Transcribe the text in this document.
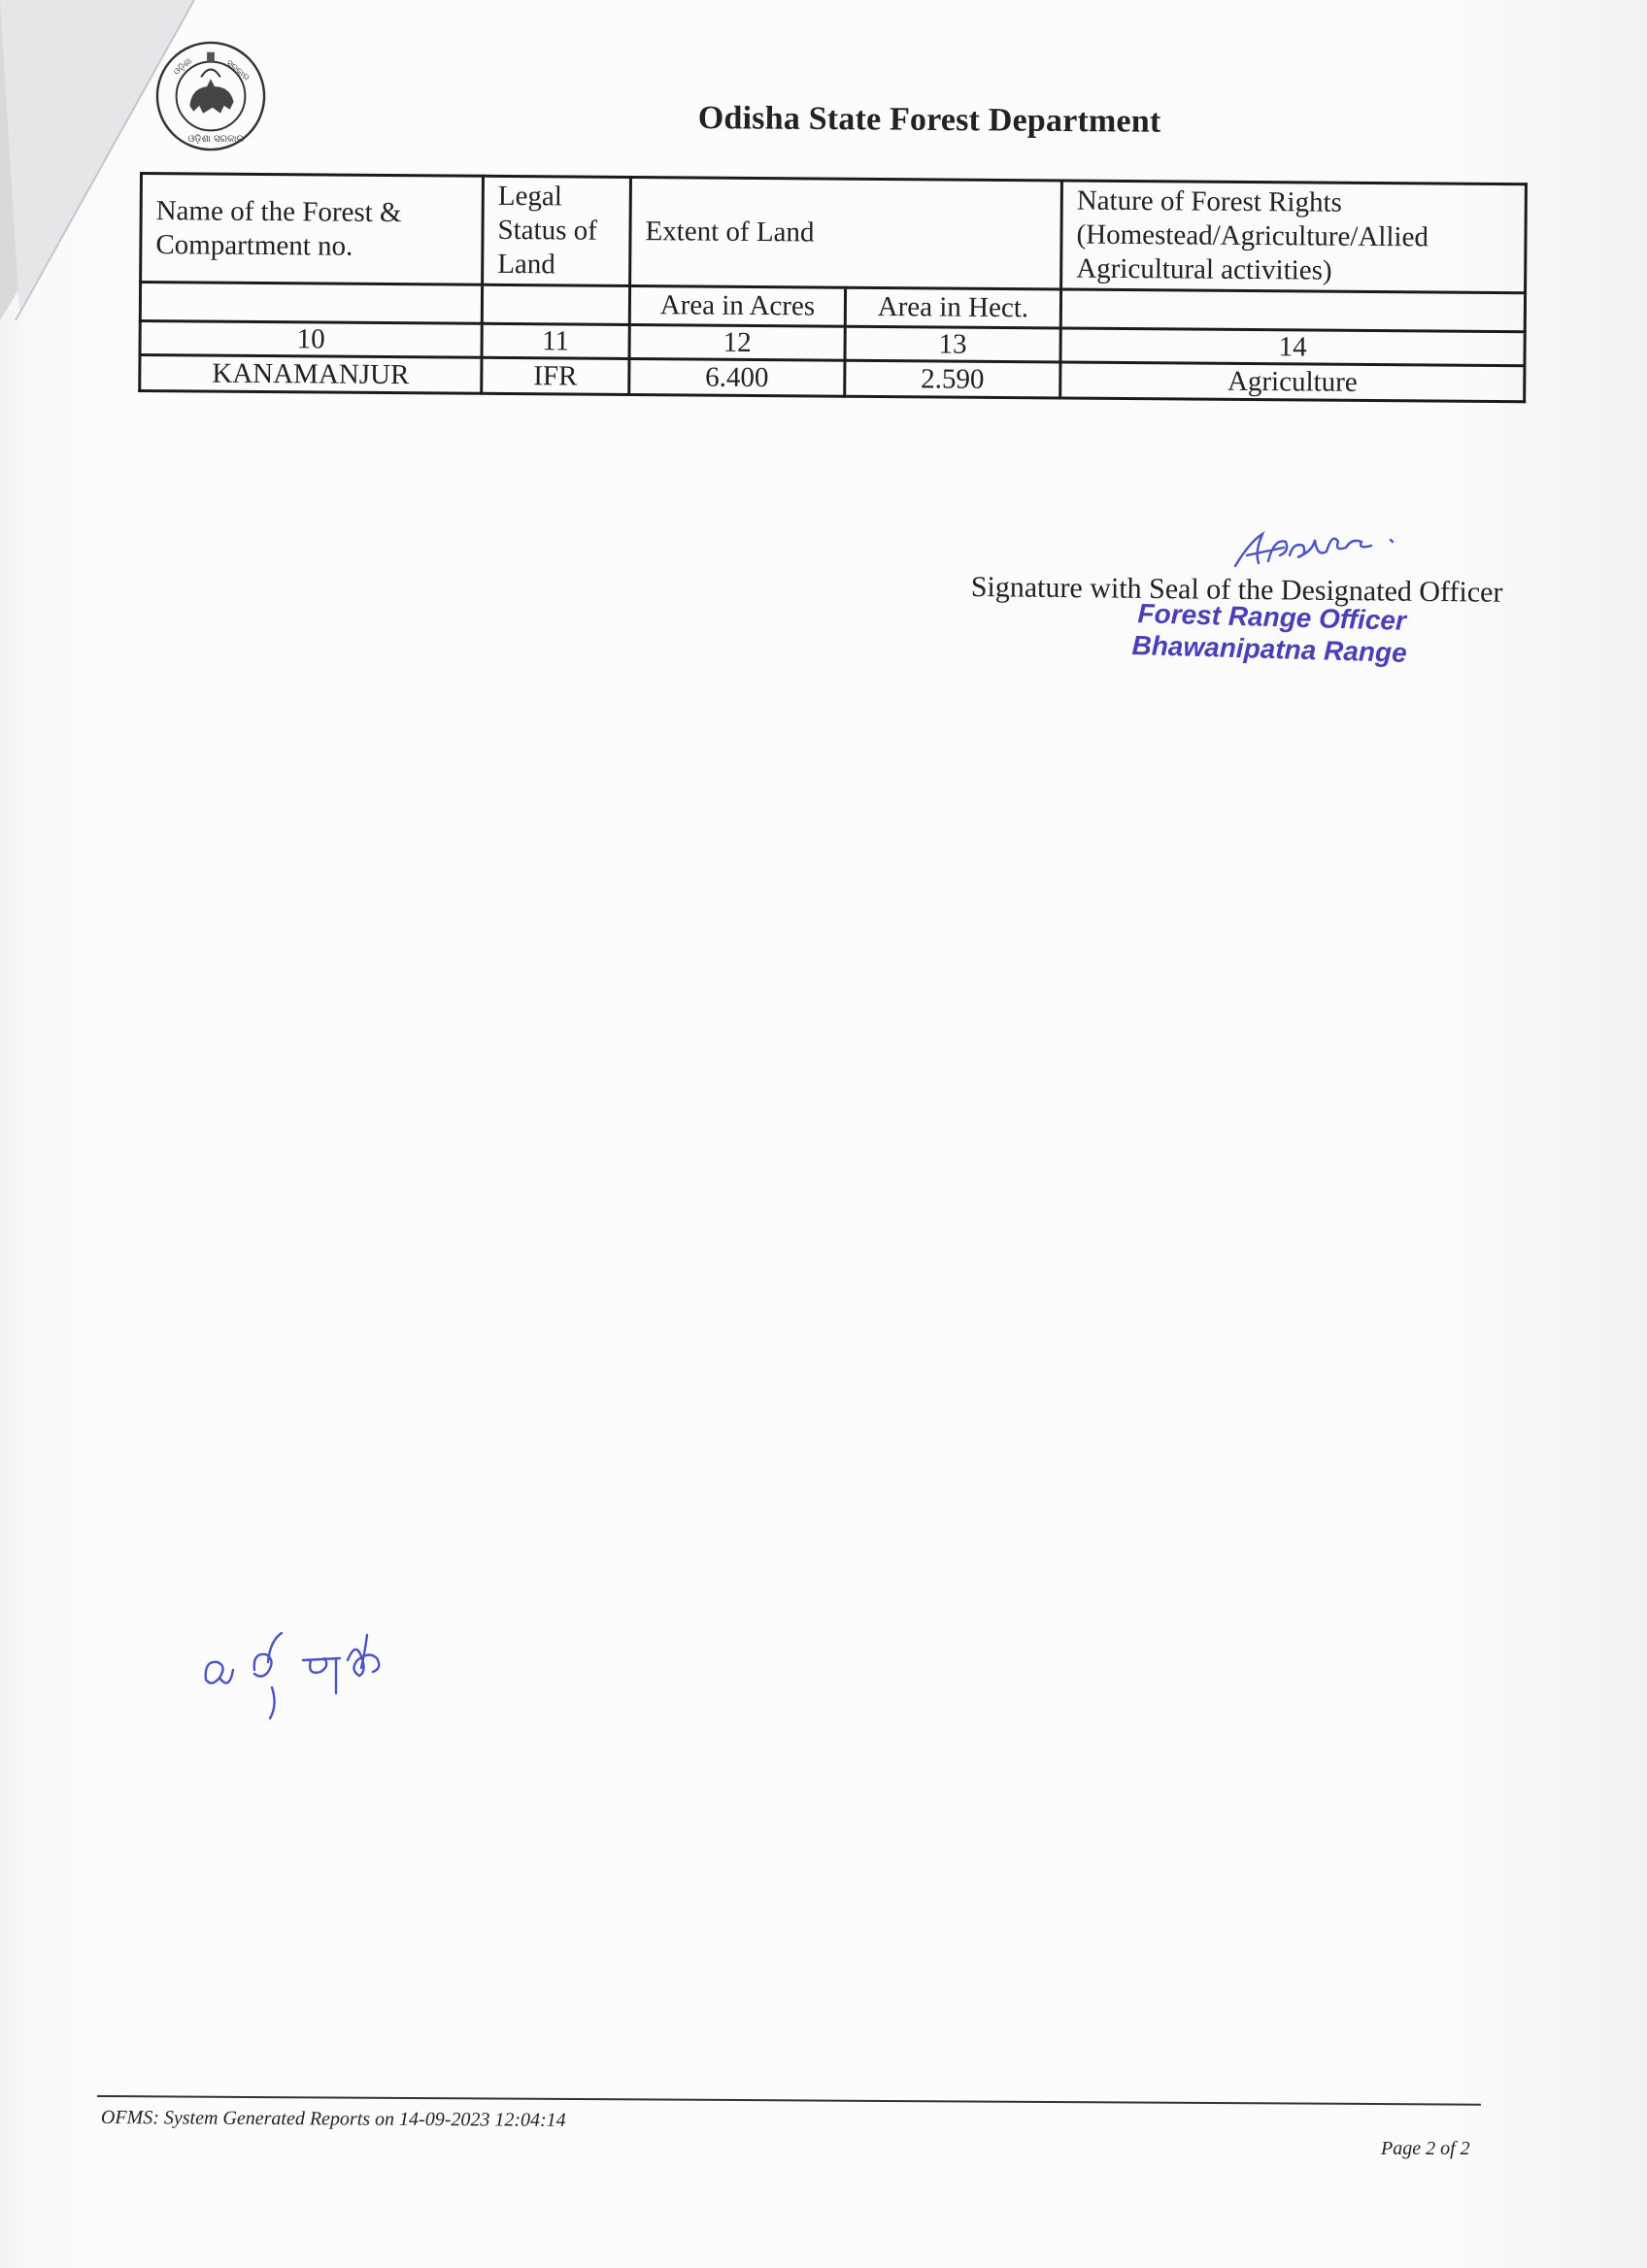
ଓଡ଼ିଶା	ସରକାର
ଓଡ଼ିଶା ସରକାର	Odisha State Forest Department
Name of the Forest & Compartment no.	Legal Status of Land	Extent of Land		Nature of Forest Rights (Homestead/Agriculture/Allied Agricultural activities)
		Area in Acres	Area in Hect.	
10	11	12	13	14
KANAMANJUR	IFR	6.400	2.590	Agriculture
Signature with Seal of the Designated Officer
Forest Range Officer
Bhawanipatna Range
OFMS: System Generated Reports on 14-09-2023 12:04:14
Page 2 of 2
